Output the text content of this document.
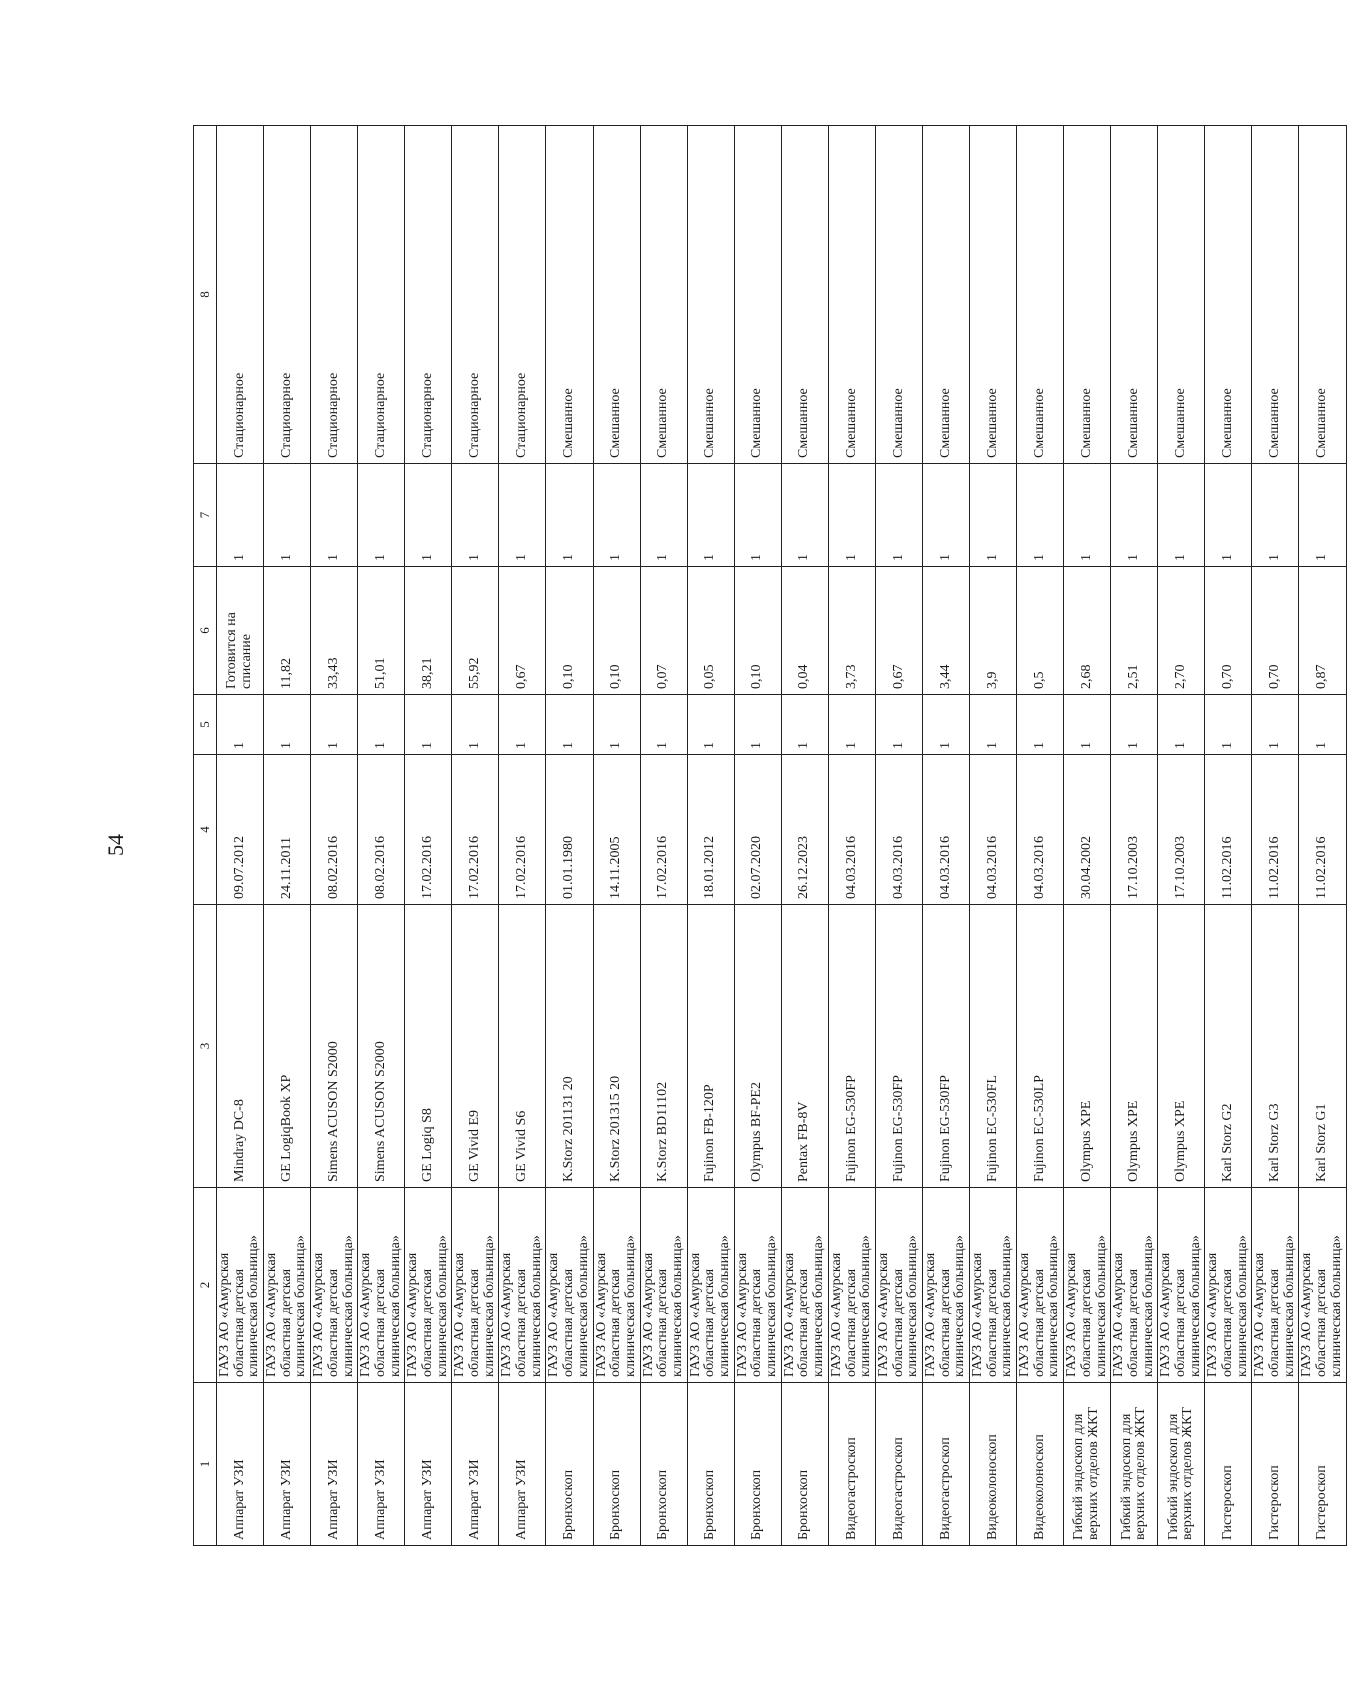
54
1	2	3	4	5	6	7	8
Аппарат УЗИ	ГАУЗ АО «Амурская областная детская клиническая больница»	Mindray DC-8	09.07.2012	1	Готовится на списание	1	Стационарное
Аппарат УЗИ	ГАУЗ АО «Амурская областная детская клиническая больница»	GE LogiqBook XP	24.11.2011	1	11,82	1	Стационарное
Аппарат УЗИ	ГАУЗ АО «Амурская областная детская клиническая больница»	Simens ACUSON S2000	08.02.2016	1	33,43	1	Стационарное
Аппарат УЗИ	ГАУЗ АО «Амурская областная детская клиническая больница»	Simens ACUSON S2000	08.02.2016	1	51,01	1	Стационарное
Аппарат УЗИ	ГАУЗ АО «Амурская областная детская клиническая больница»	GE Logiq S8	17.02.2016	1	38,21	1	Стационарное
Аппарат УЗИ	ГАУЗ АО «Амурская областная детская клиническая больница»	GE Vivid E9	17.02.2016	1	55,92	1	Стационарное
Аппарат УЗИ	ГАУЗ АО «Амурская областная детская клиническая больница»	GE Vivid S6	17.02.2016	1	0,67	1	Стационарное
Бронхоскоп	ГАУЗ АО «Амурская областная детская клиническая больница»	K.Storz 201131 20	01.01.1980	1	0,10	1	Смешанное
Бронхоскоп	ГАУЗ АО «Амурская областная детская клиническая больница»	K.Storz 201315 20	14.11.2005	1	0,10	1	Смешанное
Бронхоскоп	ГАУЗ АО «Амурская областная детская клиническая больница»	K.Storz BD11102	17.02.2016	1	0,07	1	Смешанное
Бронхоскоп	ГАУЗ АО «Амурская областная детская клиническая больница»	Fujinon FB-120P	18.01.2012	1	0,05	1	Смешанное
Бронхоскоп	ГАУЗ АО «Амурская областная детская клиническая больница»	Olympus BF-PE2	02.07.2020	1	0,10	1	Смешанное
Бронхоскоп	ГАУЗ АО «Амурская областная детская клиническая больница»	Pentax FB-8V	26.12.2023	1	0,04	1	Смешанное
Видеогастроскоп	ГАУЗ АО «Амурская областная детская клиническая больница»	Fujinon EG-530FP	04.03.2016	1	3,73	1	Смешанное
Видеогастроскоп	ГАУЗ АО «Амурская областная детская клиническая больница»	Fujinon EG-530FP	04.03.2016	1	0,67	1	Смешанное
Видеогастроскоп	ГАУЗ АО «Амурская областная детская клиническая больница»	Fujinon EG-530FP	04.03.2016	1	3,44	1	Смешанное
Видеоколоноскоп	ГАУЗ АО «Амурская областная детская клиническая больница»	Fujinon EC-530FL	04.03.2016	1	3,9	1	Смешанное
Видеоколоноскоп	ГАУЗ АО «Амурская областная детская клиническая больница»	Fujinon EC-530LP	04.03.2016	1	0,5	1	Смешанное
Гибкий эндоскоп для верхних отделов ЖКТ	ГАУЗ АО «Амурская областная детская клиническая больница»	Olympus XPE	30.04.2002	1	2,68	1	Смешанное
Гибкий эндоскоп для верхних отделов ЖКТ	ГАУЗ АО «Амурская областная детская клиническая больница»	Olympus XPE	17.10.2003	1	2,51	1	Смешанное
Гибкий эндоскоп для верхних отделов ЖКТ	ГАУЗ АО «Амурская областная детская клиническая больница»	Olympus XPE	17.10.2003	1	2,70	1	Смешанное
Гистероскоп	ГАУЗ АО «Амурская областная детская клиническая больница»	Karl Storz G2	11.02.2016	1	0,70	1	Смешанное
Гистероскоп	ГАУЗ АО «Амурская областная детская клиническая больница»	Karl Storz G3	11.02.2016	1	0,70	1	Смешанное
Гистероскоп	ГАУЗ АО «Амурская областная детская клиническая больница»	Karl Storz G1	11.02.2016	1	0,87	1	Смешанное
